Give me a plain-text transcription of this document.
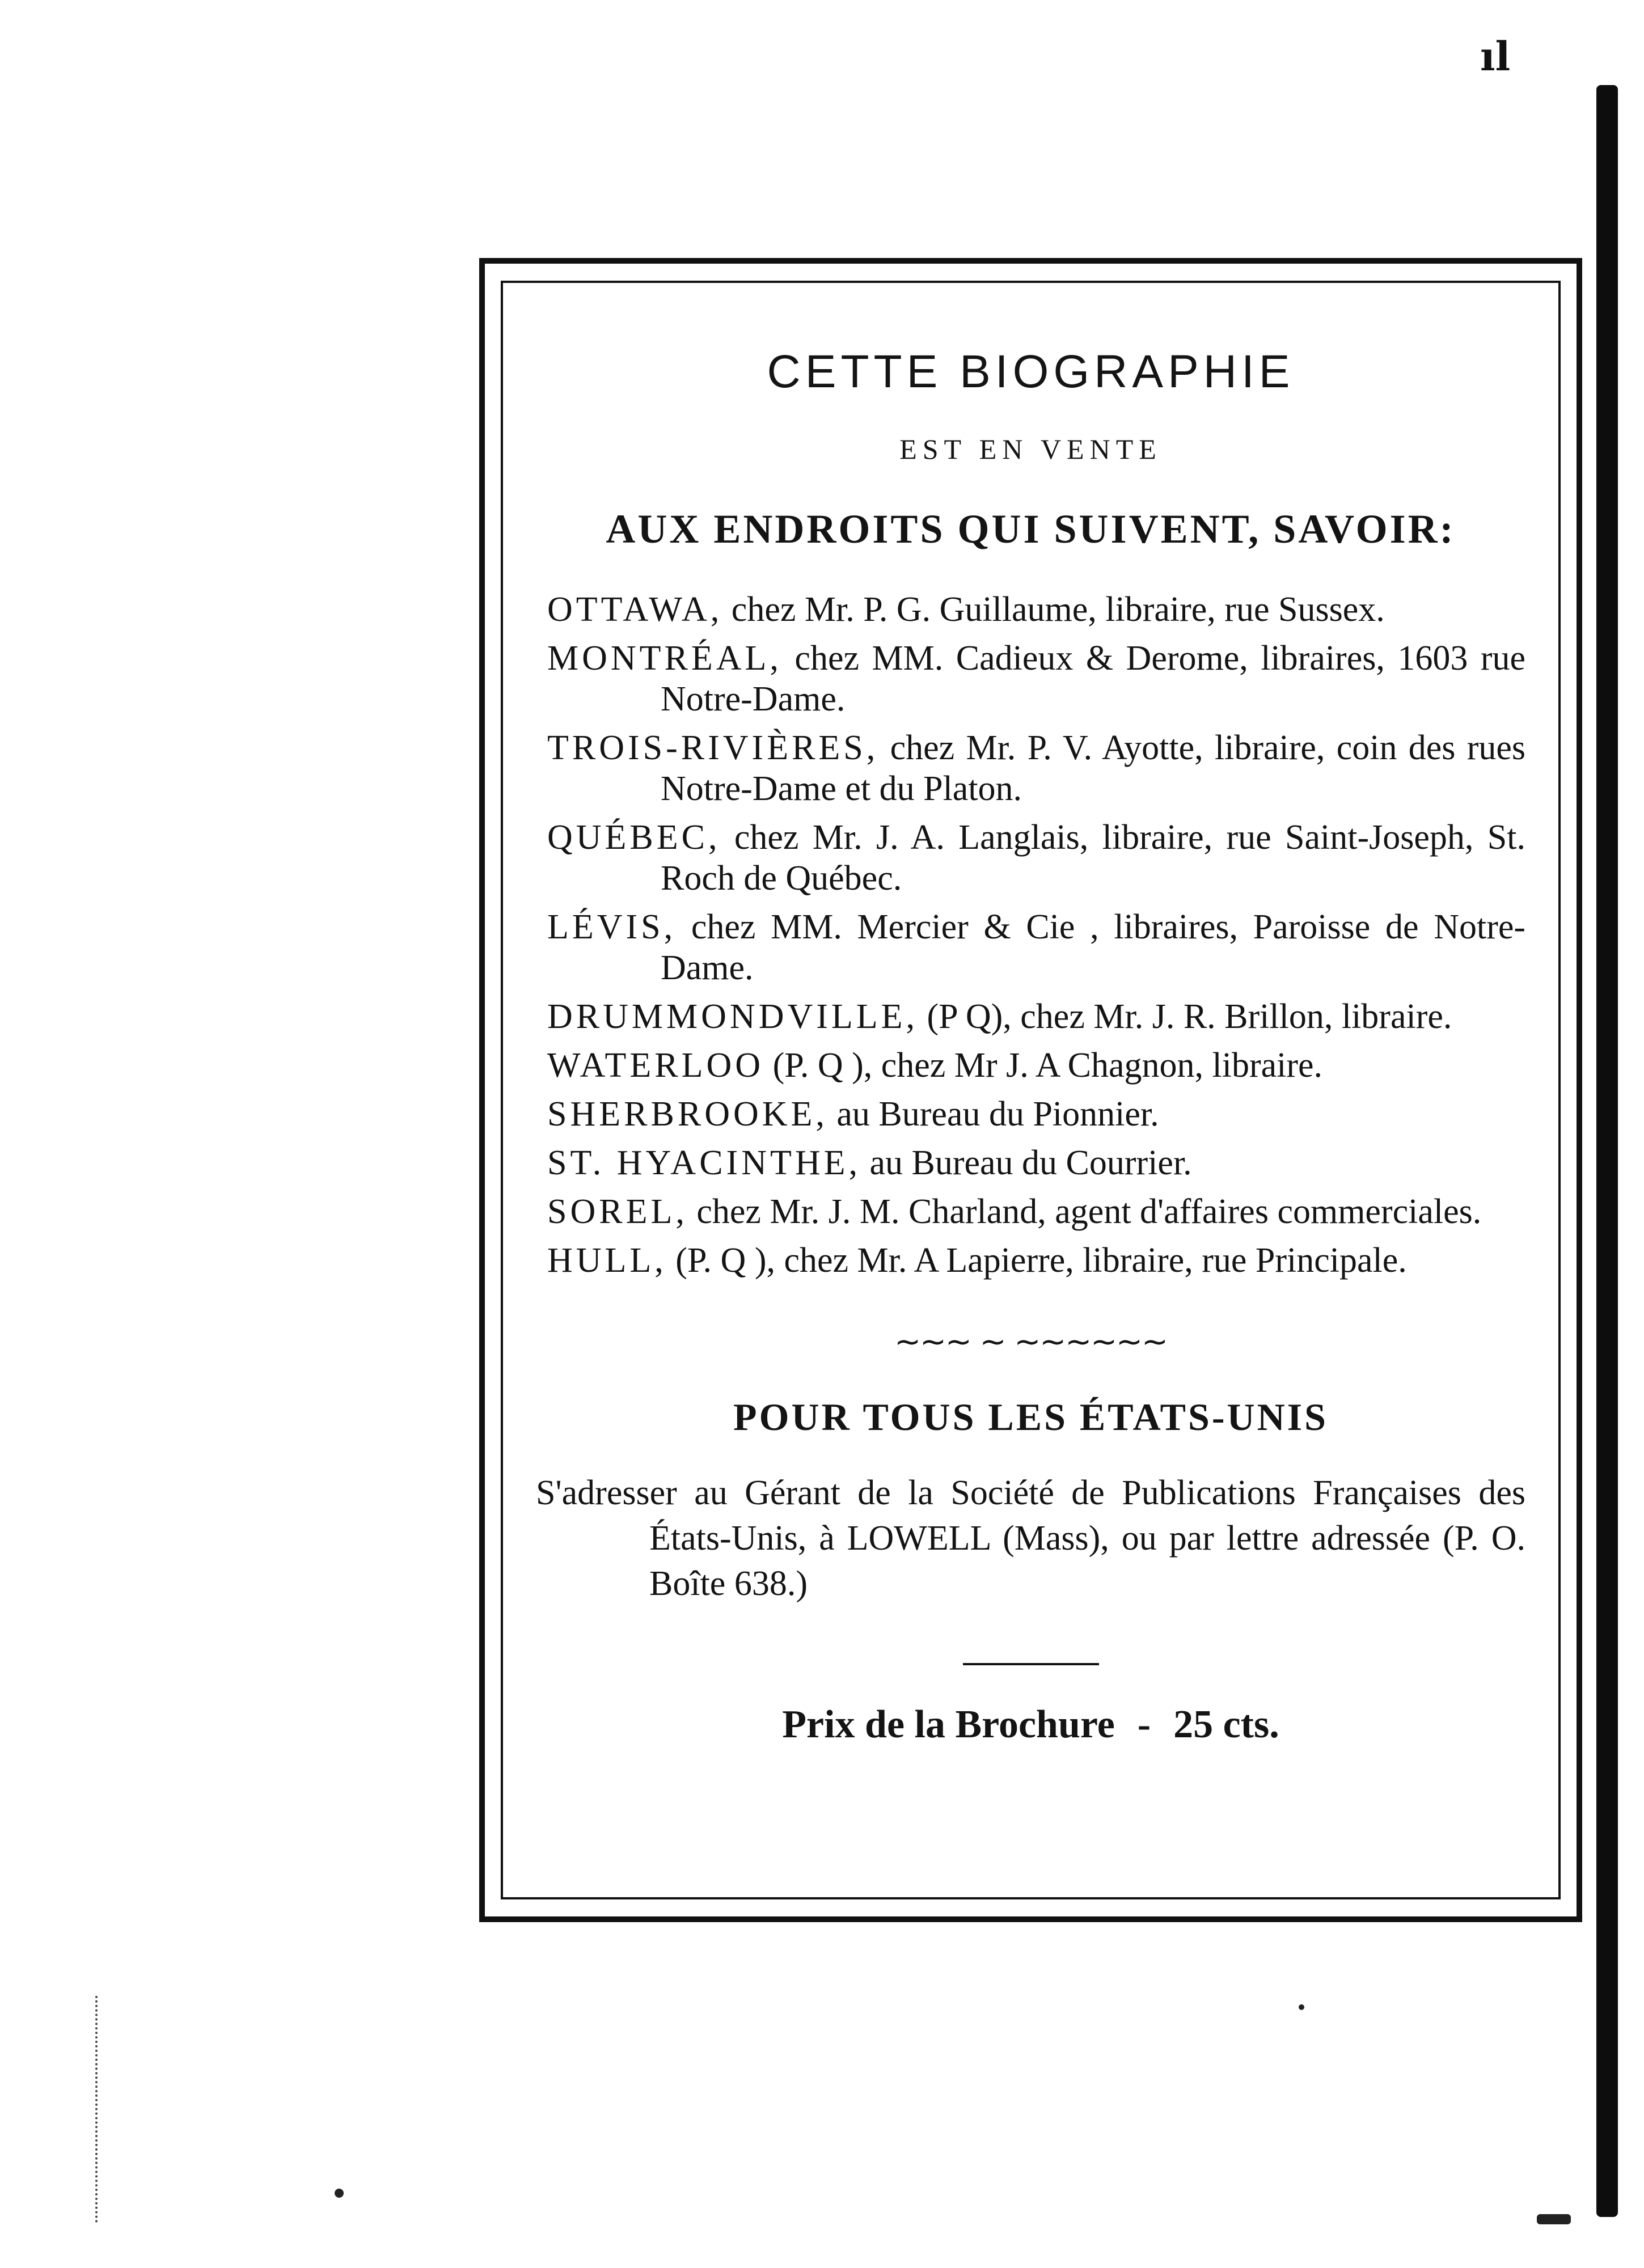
ıl
CETTE BIOGRAPHIE
EST EN VENTE
AUX ENDROITS QUI SUIVENT, SAVOIR:
OTTAWA, chez Mr. P. G. Guillaume, libraire, rue Sussex.
MONTRÉAL, chez MM. Cadieux & Derome, libraires, 1603 rue Notre-Dame.
TROIS-RIVIÈRES, chez Mr. P. V. Ayotte, libraire, coin des rues Notre-Dame et du Platon.
QUÉBEC, chez Mr. J. A. Langlais, libraire, rue Saint-Joseph, St. Roch de Québec.
LÉVIS, chez MM. Mercier & Cie , libraires, Paroisse de Notre-Dame.
DRUMMONDVILLE, (P Q), chez Mr. J. R. Brillon, libraire.
WATERLOO (P. Q ), chez Mr J. A Chagnon, libraire.
SHERBROOKE, au Bureau du Pionnier.
ST. HYACINTHE, au Bureau du Courrier.
SOREL, chez Mr. J. M. Charland, agent d'affaires commerciales.
HULL, (P. Q ), chez Mr. A Lapierre, libraire, rue Principale.
~~~ ~ ~~~~~~
POUR TOUS LES ÉTATS-UNIS
S'adresser au Gérant de la Société de Publications Françaises des États-Unis, à LOWELL (Mass), ou par lettre adressée (P. O. Boîte 638.)
Prix de la Brochure - 25 cts.
